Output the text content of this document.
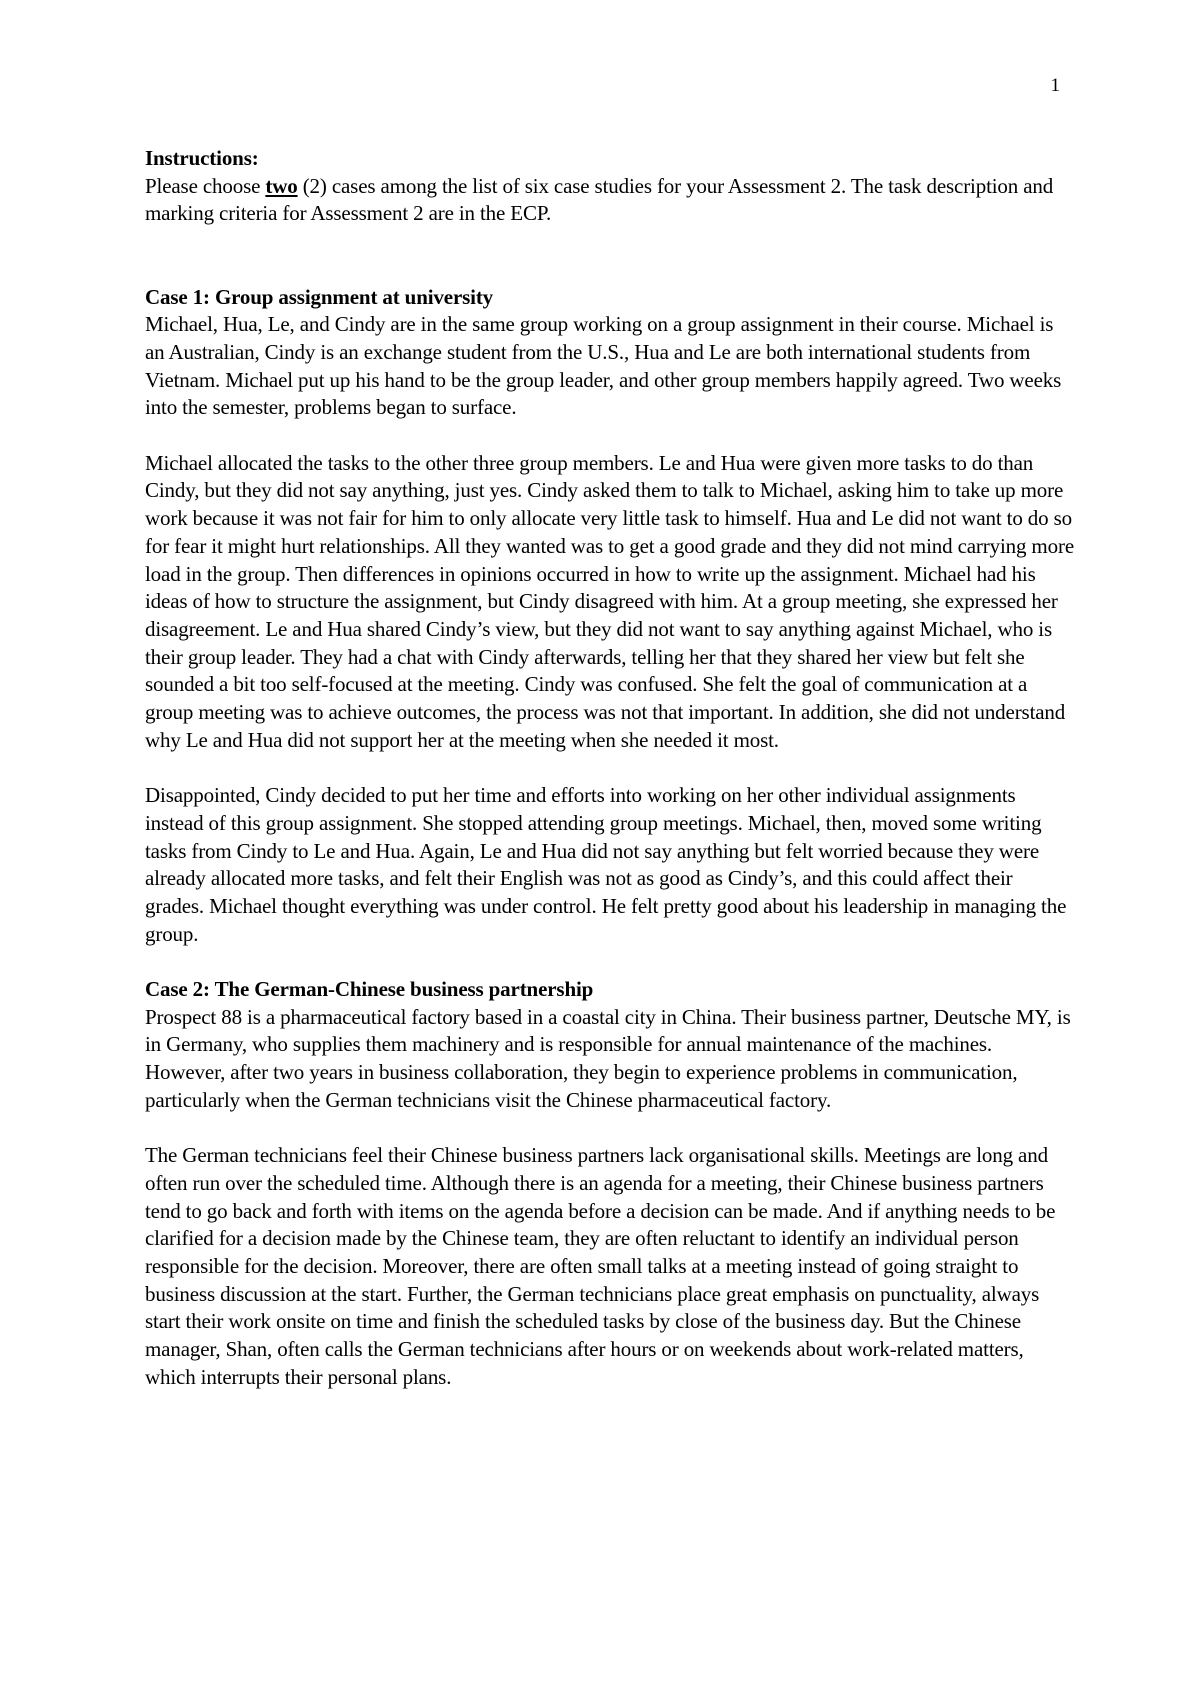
1
Instructions:

Please choose two (2) cases among the list of six case studies for your Assessment 2. The task description and marking criteria for Assessment 2 are in the ECP.

Case 1: Group assignment at university

Michael, Hua, Le, and Cindy are in the same group working on a group assignment in their course. Michael is an Australian, Cindy is an exchange student from the U.S., Hua and Le are both international students from Vietnam. Michael put up his hand to be the group leader, and other group members happily agreed. Two weeks into the semester, problems began to surface.

Michael allocated the tasks to the other three group members. Le and Hua were given more tasks to do than Cindy, but they did not say anything, just yes. Cindy asked them to talk to Michael, asking him to take up more work because it was not fair for him to only allocate very little task to himself. Hua and Le did not want to do so for fear it might hurt relationships. All they wanted was to get a good grade and they did not mind carrying more load in the group. Then differences in opinions occurred in how to write up the assignment. Michael had his ideas of how to structure the assignment, but Cindy disagreed with him. At a group meeting, she expressed her disagreement. Le and Hua shared Cindy’s view, but they did not want to say anything against Michael, who is their group leader. They had a chat with Cindy afterwards, telling her that they shared her view but felt she sounded a bit too self-focused at the meeting. Cindy was confused. She felt the goal of communication at a group meeting was to achieve outcomes, the process was not that important. In addition, she did not understand why Le and Hua did not support her at the meeting when she needed it most.

Disappointed, Cindy decided to put her time and efforts into working on her other individual assignments instead of this group assignment. She stopped attending group meetings. Michael, then, moved some writing tasks from Cindy to Le and Hua. Again, Le and Hua did not say anything but felt worried because they were already allocated more tasks, and felt their English was not as good as Cindy’s, and this could affect their grades. Michael thought everything was under control. He felt pretty good about his leadership in managing the group.

Case 2: The German-Chinese business partnership

Prospect 88 is a pharmaceutical factory based in a coastal city in China. Their business partner, Deutsche MY, is in Germany, who supplies them machinery and is responsible for annual maintenance of the machines. However, after two years in business collaboration, they begin to experience problems in communication, particularly when the German technicians visit the Chinese pharmaceutical factory.

The German technicians feel their Chinese business partners lack organisational skills. Meetings are long and often run over the scheduled time. Although there is an agenda for a meeting, their Chinese business partners tend to go back and forth with items on the agenda before a decision can be made. And if anything needs to be clarified for a decision made by the Chinese team, they are often reluctant to identify an individual person responsible for the decision. Moreover, there are often small talks at a meeting instead of going straight to business discussion at the start. Further, the German technicians place great emphasis on punctuality, always start their work onsite on time and finish the scheduled tasks by close of the business day. But the Chinese manager, Shan, often calls the German technicians after hours or on weekends about work-related matters, which interrupts their personal plans.
